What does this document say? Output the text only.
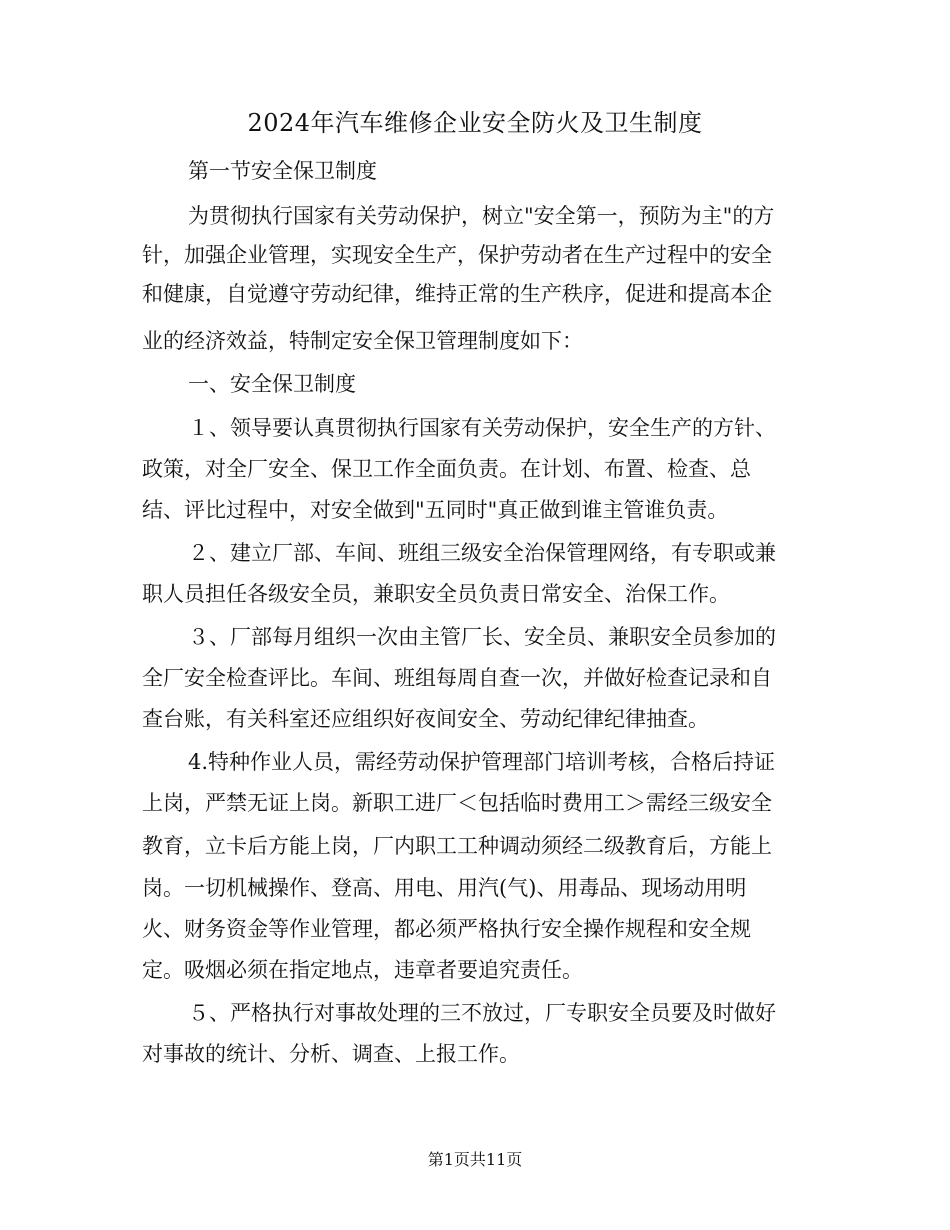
2024年汽车维修企业安全防火及卫生制度
第一节安全保卫制度
为贯彻执行国家有关劳动保护，树立"安全第一，预防为主"的方
针，加强企业管理，实现安全生产，保护劳动者在生产过程中的安全
和健康，自觉遵守劳动纪律，维持正常的生产秩序，促进和提高本企
业的经济效益，特制定安全保卫管理制度如下：
一、安全保卫制度
１、领导要认真贯彻执行国家有关劳动保护，安全生产的方针、
政策，对全厂安全、保卫工作全面负责。在计划、布置、检查、总
结、评比过程中，对安全做到"五同时"真正做到谁主管谁负责。
２、建立厂部、车间、班组三级安全治保管理网络，有专职或兼
职人员担任各级安全员，兼职安全员负责日常安全、治保工作。
３、厂部每月组织一次由主管厂长、安全员、兼职安全员参加的
全厂安全检查评比。车间、班组每周自查一次，并做好检查记录和自
查台账，有关科室还应组织好夜间安全、劳动纪律纪律抽查。
4.特种作业人员，需经劳动保护管理部门培训考核，合格后持证
上岗，严禁无证上岗。新职工进厂＜包括临时费用工＞需经三级安全
教育，立卡后方能上岗，厂内职工工种调动须经二级教育后，方能上
岗。一切机械操作、登高、用电、用汽(气)、用毒品、现场动用明
火、财务资金等作业管理，都必须严格执行安全操作规程和安全规
定。吸烟必须在指定地点，违章者要追究责任。
５、严格执行对事故处理的三不放过，厂专职安全员要及时做好
对事故的统计、分析、调查、上报工作。
第1页共11页
